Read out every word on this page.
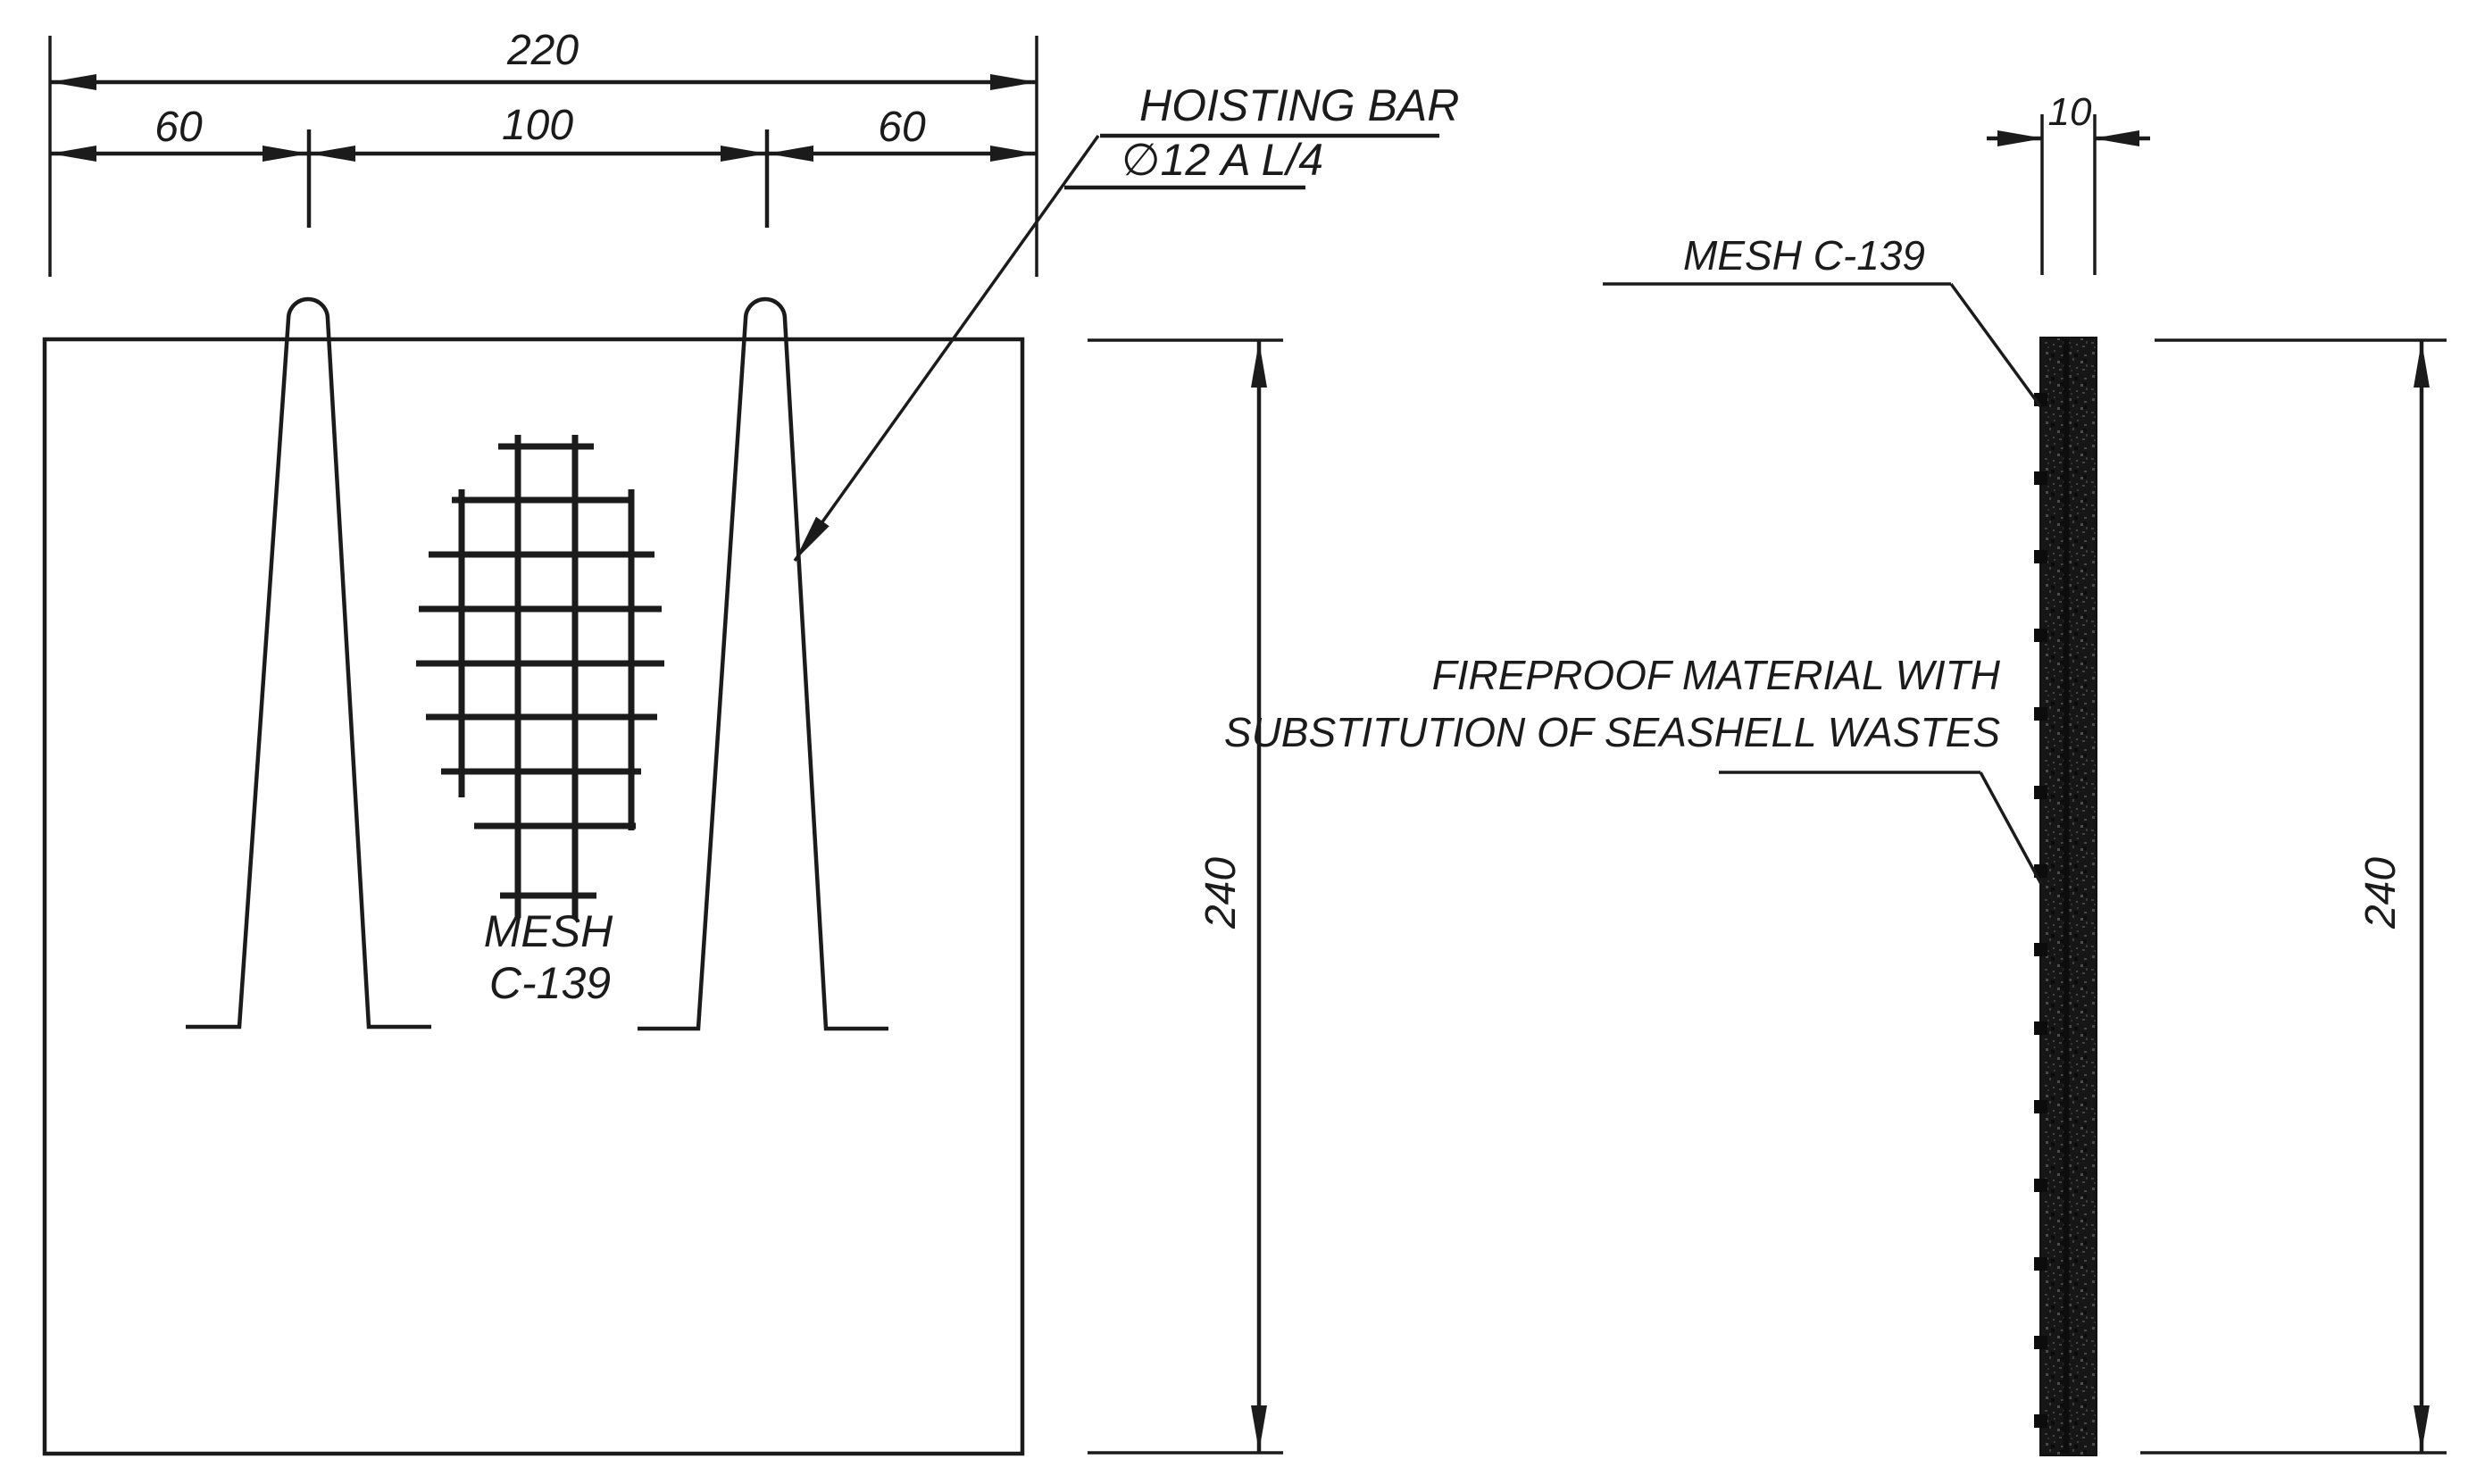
MESH
C-139
220
60	100	60
240
HOISTING BAR
∅12 A L/4
10
MESH C-139
FIREPROOF MATERIAL WITH
SUBSTITUTION OF SEASHELL WASTES
240
